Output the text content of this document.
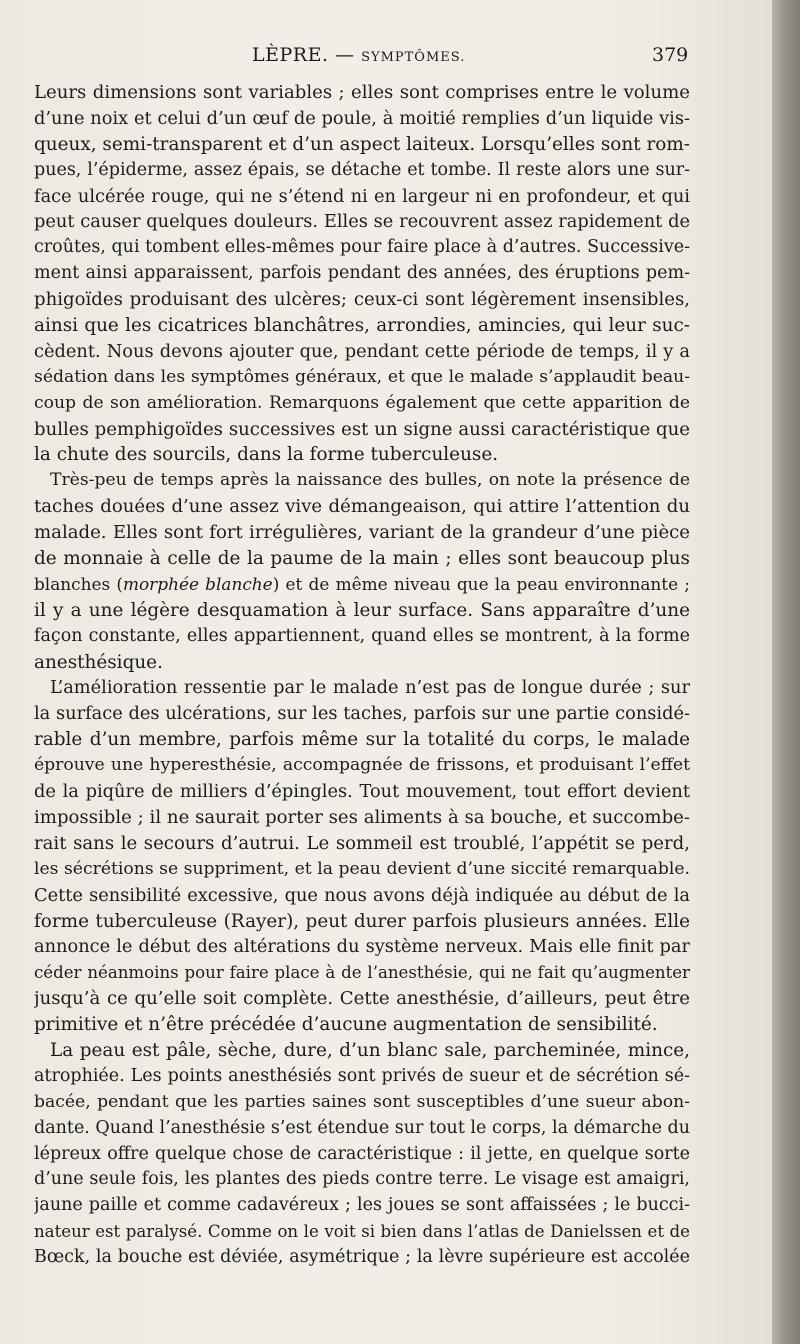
LÈPRE. — SYMPTÔMES.	379
Leurs dimensions sont variables ; elles sont comprises entre le volume
d’une noix et celui d’un œuf de poule, à moitié remplies d’un liquide vis-
queux, semi-transparent et d’un aspect laiteux. Lorsqu’elles sont rom-
pues, l’épiderme, assez épais, se détache et tombe. Il reste alors une sur-
face ulcérée rouge, qui ne s’étend ni en largeur ni en profondeur, et qui
peut causer quelques douleurs. Elles se recouvrent assez rapidement de
croûtes, qui tombent elles-mêmes pour faire place à d’autres. Successive-
ment ainsi apparaissent, parfois pendant des années, des éruptions pem-
phigoïdes produisant des ulcères; ceux-ci sont légèrement insensibles,
ainsi que les cicatrices blanchâtres, arrondies, amincies, qui leur suc-
cèdent. Nous devons ajouter que, pendant cette période de temps, il y a
sédation dans les symptômes généraux, et que le malade s’applaudit beau-
coup de son amélioration. Remarquons également que cette apparition de
bulles pemphigoïdes successives est un signe aussi caractéristique que
la chute des sourcils, dans la forme tuberculeuse.
Très-peu de temps après la naissance des bulles, on note la présence de
taches douées d’une assez vive démangeaison, qui attire l’attention du
malade. Elles sont fort irrégulières, variant de la grandeur d’une pièce
de monnaie à celle de la paume de la main ; elles sont beaucoup plus
blanches (morphée blanche) et de même niveau que la peau environnante ;
il y a une légère desquamation à leur surface. Sans apparaître d’une
façon constante, elles appartiennent, quand elles se montrent, à la forme
anesthésique.
L’amélioration ressentie par le malade n’est pas de longue durée ; sur
la surface des ulcérations, sur les taches, parfois sur une partie considé-
rable d’un membre, parfois même sur la totalité du corps, le malade
éprouve une hyperesthésie, accompagnée de frissons, et produisant l’effet
de la piqûre de milliers d’épingles. Tout mouvement, tout effort devient
impossible ; il ne saurait porter ses aliments à sa bouche, et succombe-
rait sans le secours d’autrui. Le sommeil est troublé, l’appétit se perd,
les sécrétions se suppriment, et la peau devient d’une siccité remarquable.
Cette sensibilité excessive, que nous avons déjà indiquée au début de la
forme tuberculeuse (Rayer), peut durer parfois plusieurs années. Elle
annonce le début des altérations du système nerveux. Mais elle finit par
céder néanmoins pour faire place à de l’anesthésie, qui ne fait qu’augmenter
jusqu’à ce qu’elle soit complète. Cette anesthésie, d’ailleurs, peut être
primitive et n’être précédée d’aucune augmentation de sensibilité.
La peau est pâle, sèche, dure, d’un blanc sale, parcheminée, mince,
atrophiée. Les points anesthésiés sont privés de sueur et de sécrétion sé-
bacée, pendant que les parties saines sont susceptibles d’une sueur abon-
dante. Quand l’anesthésie s’est étendue sur tout le corps, la démarche du
lépreux offre quelque chose de caractéristique : il jette, en quelque sorte
d’une seule fois, les plantes des pieds contre terre. Le visage est amaigri,
jaune paille et comme cadavéreux ; les joues se sont affaissées ; le bucci-
nateur est paralysé. Comme on le voit si bien dans l’atlas de Danielssen et de
Bœck, la bouche est déviée, asymétrique ; la lèvre supérieure est accolée
